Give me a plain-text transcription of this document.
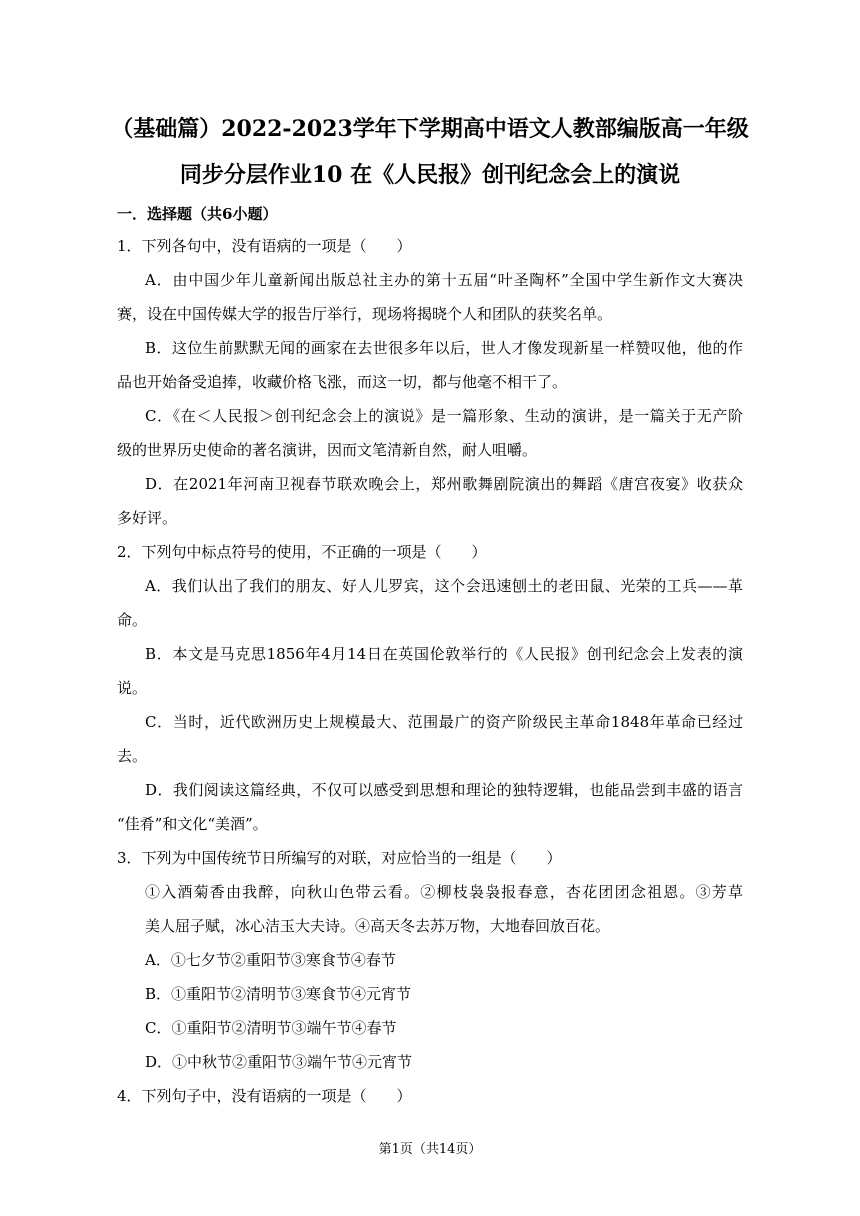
（基础篇）2022-2023学年下学期高中语文人教部编版高一年级
同步分层作业10 在《人民报》创刊纪念会上的演说
一．选择题（共6小题）
1．下列各句中，没有语病的一项是（　　）
A．由中国少年儿童新闻出版总社主办的第十五届“叶圣陶杯”全国中学生新作文大赛决
赛，设在中国传媒大学的报告厅举行，现场将揭晓个人和团队的获奖名单。
B．这位生前默默无闻的画家在去世很多年以后，世人才像发现新星一样赞叹他，他的作
品也开始备受追捧，收藏价格飞涨，而这一切，都与他毫不相干了。
C．《在＜人民报＞创刊纪念会上的演说》是一篇形象、生动的演讲，是一篇关于无产阶
级的世界历史使命的著名演讲，因而文笔清新自然，耐人咀嚼。
D．在2021年河南卫视春节联欢晚会上，郑州歌舞剧院演出的舞蹈《唐宫夜宴》收获众
多好评。
2．下列句中标点符号的使用，不正确的一项是（　　）
A．我们认出了我们的朋友、好人儿罗宾，这个会迅速刨土的老田鼠、光荣的工兵——革
命。
B．本文是马克思1856年4月14日在英国伦敦举行的《人民报》创刊纪念会上发表的演
说。
C．当时，近代欧洲历史上规模最大、范围最广的资产阶级民主革命1848年革命已经过
去。
D．我们阅读这篇经典，不仅可以感受到思想和理论的独特逻辑，也能品尝到丰盛的语言
“佳肴”和文化“美酒”。
3．下列为中国传统节日所编写的对联，对应恰当的一组是（　　）
①入酒菊香由我醉，向秋山色带云看。②柳枝袅袅报春意，杏花团团念祖恩。③芳草
美人屈子赋，冰心洁玉大夫诗。④高天冬去苏万物，大地春回放百花。
A．①七夕节②重阳节③寒食节④春节
B．①重阳节②清明节③寒食节④元宵节
C．①重阳节②清明节③端午节④春节
D．①中秋节②重阳节③端午节④元宵节
4．下列句子中，没有语病的一项是（　　）
第1页（共14页）
